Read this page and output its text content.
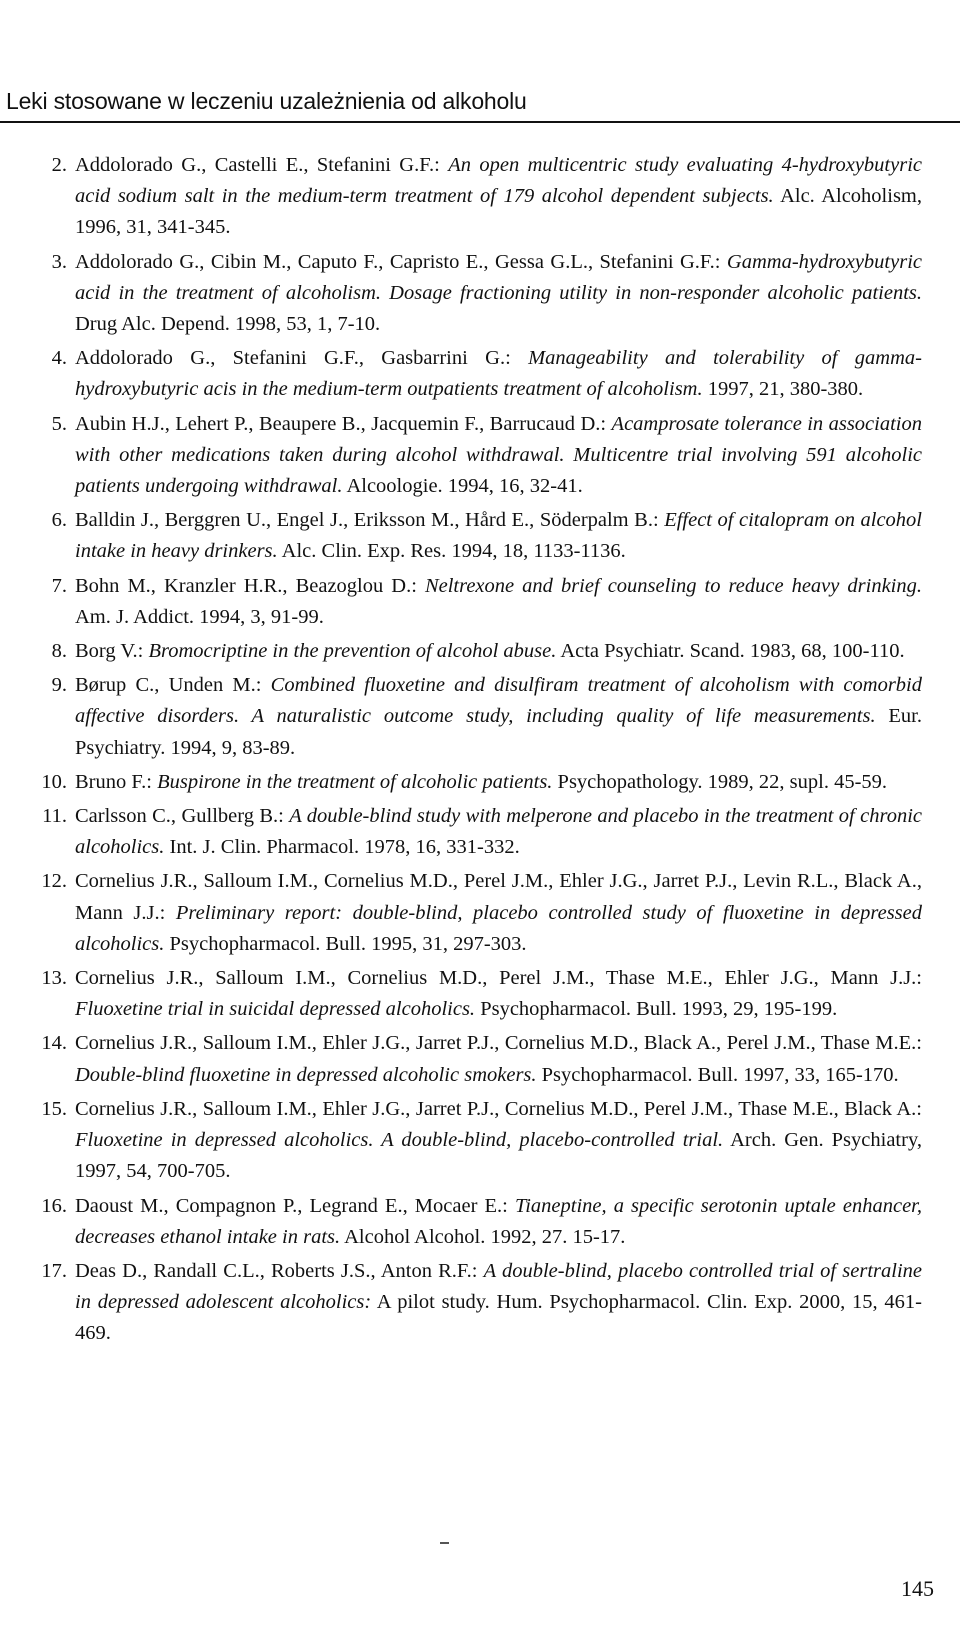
Leki stosowane w leczeniu uzależnienia od alkoholu
2. Addolorado G., Castelli E., Stefanini G.F.: An open multicentric study evaluating 4-hydroxybutyric acid sodium salt in the medium-term treatment of 179 alcohol dependent subjects. Alc. Alcoholism, 1996, 31, 341-345.
3. Addolorado G., Cibin M., Caputo F., Capristo E., Gessa G.L., Stefanini G.F.: Gamma-hydroxybutyric acid in the treatment of alcoholism. Dosage fractioning utility in non-responder alcoholic patients. Drug Alc. Depend. 1998, 53, 1, 7-10.
4. Addolorado G., Stefanini G.F., Gasbarrini G.: Manageability and tolerability of gamma-hydroxybutyric acis in the medium-term outpatients treatment of alcoholism. 1997, 21, 380-380.
5. Aubin H.J., Lehert P., Beaupere B., Jacquemin F., Barrucaud D.: Acamprosate tolerance in association with other medications taken during alcohol withdrawal. Multicentre trial involving 591 alcoholic patients undergoing withdrawal. Alcoologie. 1994, 16, 32-41.
6. Balldin J., Berggren U., Engel J., Eriksson M., Hård E., Söderpalm B.: Effect of citalopram on alcohol intake in heavy drinkers. Alc. Clin. Exp. Res. 1994, 18, 1133-1136.
7. Bohn M., Kranzler H.R., Beazoglou D.: Neltrexone and brief counseling to reduce heavy drinking. Am. J. Addict. 1994, 3, 91-99.
8. Borg V.: Bromocriptine in the prevention of alcohol abuse. Acta Psychiatr. Scand. 1983, 68, 100-110.
9. Børup C., Unden M.: Combined fluoxetine and disulfiram treatment of alcoholism with comorbid affective disorders. A naturalistic outcome study, including quality of life measurements. Eur. Psychiatry. 1994, 9, 83-89.
10. Bruno F.: Buspirone in the treatment of alcoholic patients. Psychopathology. 1989, 22, supl. 45-59.
11. Carlsson C., Gullberg B.: A double-blind study with melperone and placebo in the treatment of chronic alcoholics. Int. J. Clin. Pharmacol. 1978, 16, 331-332.
12. Cornelius J.R., Salloum I.M., Cornelius M.D., Perel J.M., Ehler J.G., Jarret P.J., Levin R.L., Black A., Mann J.J.: Preliminary report: double-blind, placebo controlled study of fluoxetine in depressed alcoholics. Psychopharmacol. Bull. 1995, 31, 297-303.
13. Cornelius J.R., Salloum I.M., Cornelius M.D., Perel J.M., Thase M.E., Ehler J.G., Mann J.J.: Fluoxetine trial in suicidal depressed alcoholics. Psychopharmacol. Bull. 1993, 29, 195-199.
14. Cornelius J.R., Salloum I.M., Ehler J.G., Jarret P.J., Cornelius M.D., Black A., Perel J.M., Thase M.E.: Double-blind fluoxetine in depressed alcoholic smokers. Psychopharmacol. Bull. 1997, 33, 165-170.
15. Cornelius J.R., Salloum I.M., Ehler J.G., Jarret P.J., Cornelius M.D., Perel J.M., Thase M.E., Black A.: Fluoxetine in depressed alcoholics. A double-blind, placebo-controlled trial. Arch. Gen. Psychiatry, 1997, 54, 700-705.
16. Daoust M., Compagnon P., Legrand E., Mocaer E.: Tianeptine, a specific serotonin uptale enhancer, decreases ethanol intake in rats. Alcohol Alcohol. 1992, 27. 15-17.
17. Deas D., Randall C.L., Roberts J.S., Anton R.F.: A double-blind, placebo controlled trial of sertraline in depressed adolescent alcoholics: A pilot study. Hum. Psychopharmacol. Clin. Exp. 2000, 15, 461-469.
145
